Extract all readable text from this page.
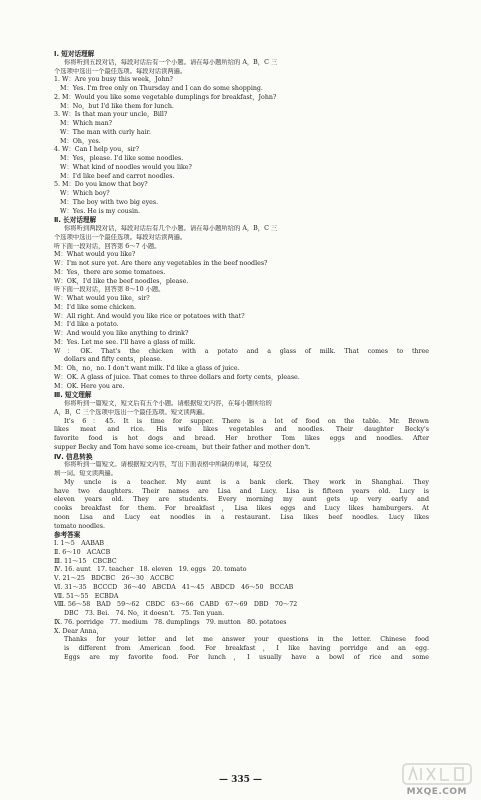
Ⅰ. 短对话理解
你将听到五段对话，每段对话后有一个小题。请在每小题所给的 A，B，C 三
个选项中选出一个最佳选项。每段对话读两遍。
1. W：Are you busy this week，John?
M：Yes. I'm free only on Thursday and I can do some shopping.
2. M：Would you like some vegetable dumplings for breakfast，John?
M：No，but I'd like them for lunch.
3. W：Is that man your uncle，Bill?
M：Which man?
W：The man with curly hair.
M：Oh，yes.
4. W：Can I help you，sir?
M：Yes，please. I'd like some noodles.
W：What kind of noodles would you like?
M：I'd like beef and carrot noodles.
5. M：Do you know that boy?
W：Which boy?
M：The boy with two big eyes.
W：Yes. He is my cousin.
Ⅱ. 长对话理解
你将听到两段对话，每段对话后有几个小题。请在每小题所给的 A，B，C 三
个选项中选出一个最佳选项。每段对话读两遍。
听下面一段对话，回答第 6～7 小题。
M：What would you like?
W：I'm not sure yet. Are there any vegetables in the beef noodles?
M：Yes，there are some tomatoes.
W：OK，I'd like the beef noodles，please.
听下面一段对话，回答第 8～10 小题。
W：What would you like，sir?
M：I'd like some chicken.
W：All right. And would you like rice or potatoes with that?
M：I'd like a potato.
W：And would you like anything to drink?
M：Yes. Let me see. I'll have a glass of milk.
W：OK. That's the chicken with a potato and a glass of milk. That comes to three
dollars and fifty cents，please.
M：Oh，no，no. I don't want milk. I'd like a glass of juice.
W：OK. A glass of juice. That comes to three dollars and forty cents，please.
M：OK. Here you are.
Ⅲ. 短文理解
你将听到一篇短文，短文后有五个小题。请根据短文内容，在每小题所给的
A，B，C 三个选项中选出一个最佳选项。短文读两遍。
It's 6：45. It is time for supper. There is a lot of food on the table. Mr. Brown
likes meat and rice. His wife likes vegetables and noodles. Their daughter Becky's
favorite food is hot dogs and bread. Her brother Tom likes eggs and noodles. After
supper Becky and Tom have some ice-cream，but their father and mother don't.
Ⅳ. 信息转换
你将听到一篇短文。请根据短文内容，写出下面表格中所缺的单词，每空仅
填一词。短文读两遍。
My uncle is a teacher. My aunt is a bank clerk. They work in Shanghai. They
have two daughters. Their names are Lisa and Lucy. Lisa is fifteen years old. Lucy is
eleven years old. They are students. Every morning my aunt gets up very early and
cooks breakfast for them. For breakfast，Lisa likes eggs and Lucy likes hamburgers. At
noon Lisa and Lucy eat noodles in a restaurant. Lisa likes beef noodles. Lucy likes
tomato noodles.
参考答案
Ⅰ. 1～5　AABAB
Ⅱ. 6～10　ACACB
Ⅲ. 11～15　CBCBC
Ⅳ. 16. aunt　17. teacher　18. eleven　19. eggs　20. tomato
Ⅴ. 21～25　BDCBC　26～30　ACCBC
Ⅵ. 31～35　BCCCD　36～40　ABCDA　41～45　ABDCD　46～50　BCCAB
Ⅶ. 51～55　ECBDA
Ⅷ. 56～58　BAD　59～62　CBDC　63～66　CABD　67～69　DBD　70～72
DBC　73. Bei.　74. No，it doesn't.　75. Ten yuan.
Ⅸ. 76. porridge　77. medium　78. dumplings　79. mutton　80. potatoes
Ⅹ. Dear Anna，
Thanks for your letter and let me answer your questions in the letter. Chinese food
is different from American food. For breakfast，I like having porridge and an egg.
Eggs are my favorite food. For lunch，I usually have a bowl of rice and some
— 335 —
MXQE.COM
